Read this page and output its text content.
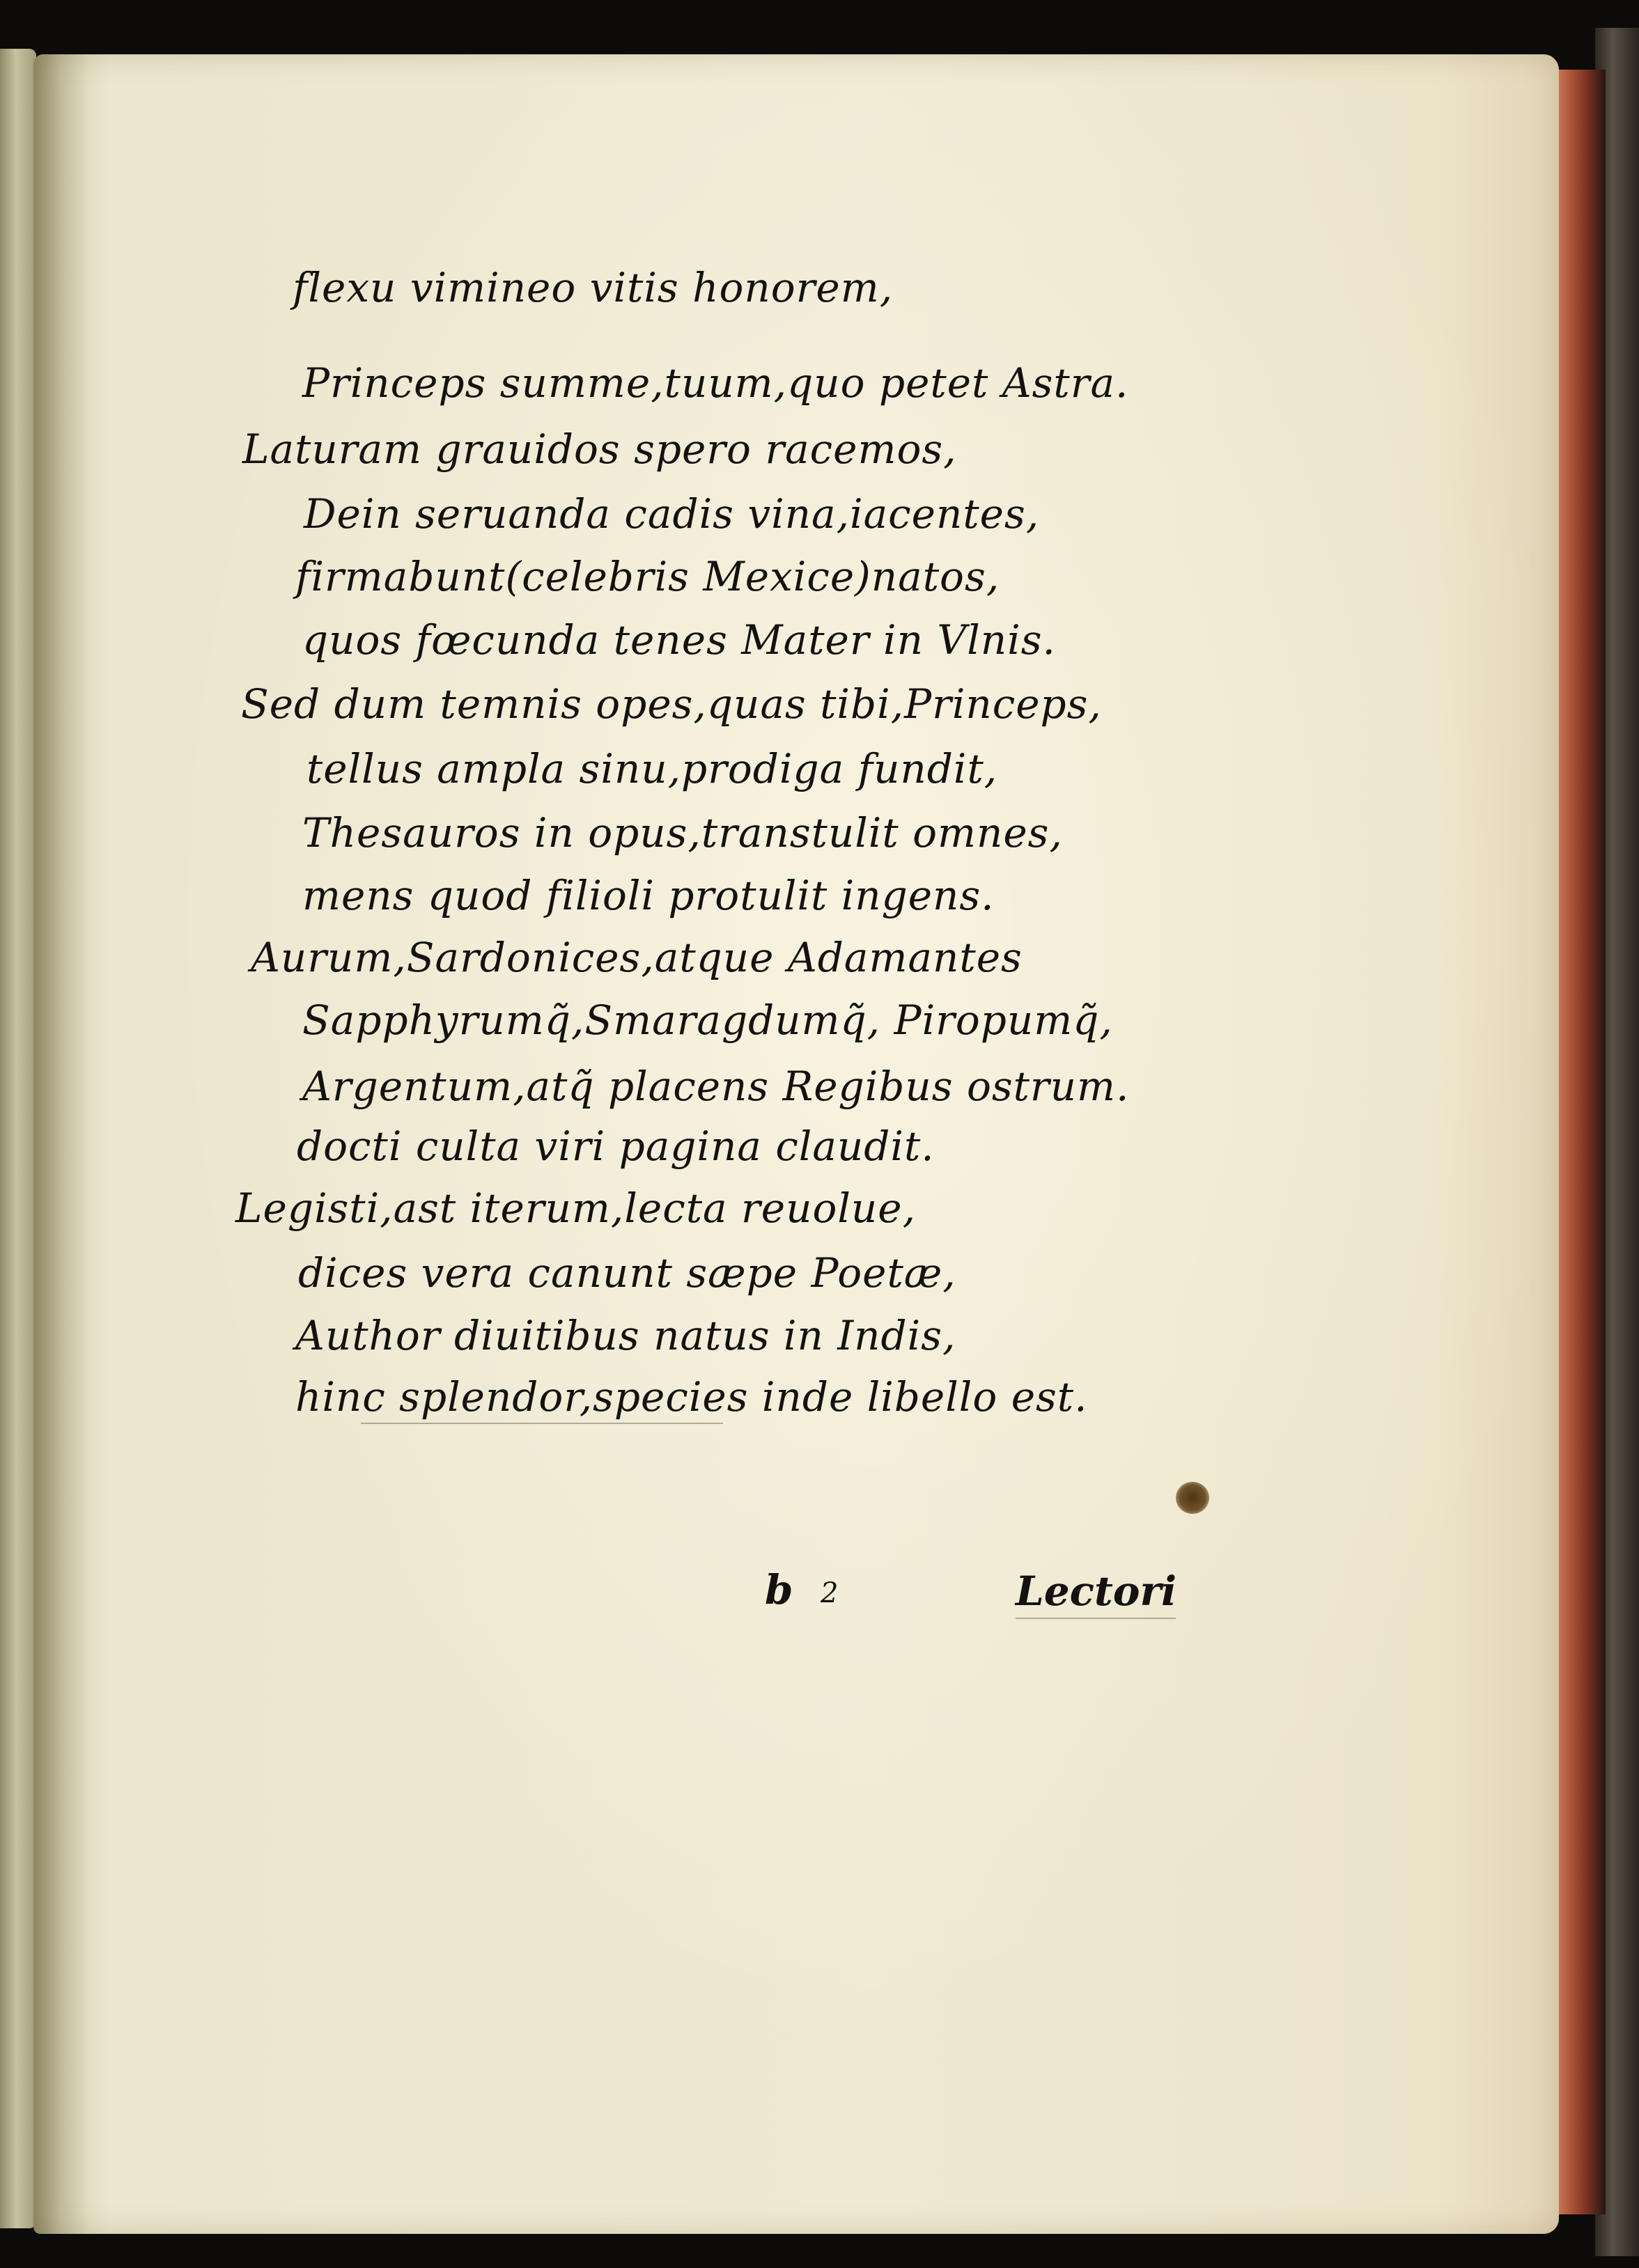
flexu vimineo vitis honorem,
Princeps summe,tuum,quo petet Astra.
Laturam grauidos spero racemos,
Dein seruanda cadis vina,iacentes,
firmabunt(celebris Mexice)natos,
quos fœcunda tenes Mater in Vlnis.
Sed dum temnis opes,quas tibi,Princeps,
tellus ampla sinu,prodiga fundit,
Thesauros in opus,transtulit omnes,
mens quod filioli protulit ingens.
Aurum,Sardonices,atque Adamantes
Sapphyrumq̃,Smaragdumq̃, Piropumq̃,
Argentum,atq̃ placens Regibus ostrum.
docti culta viri pagina claudit.
Legisti,ast iterum,lecta reuolue,
dices vera canunt sæpe Poetæ,
Author diuitibus natus in Indis,
hinc splendor,species inde libello est.
b 2	Lectori
